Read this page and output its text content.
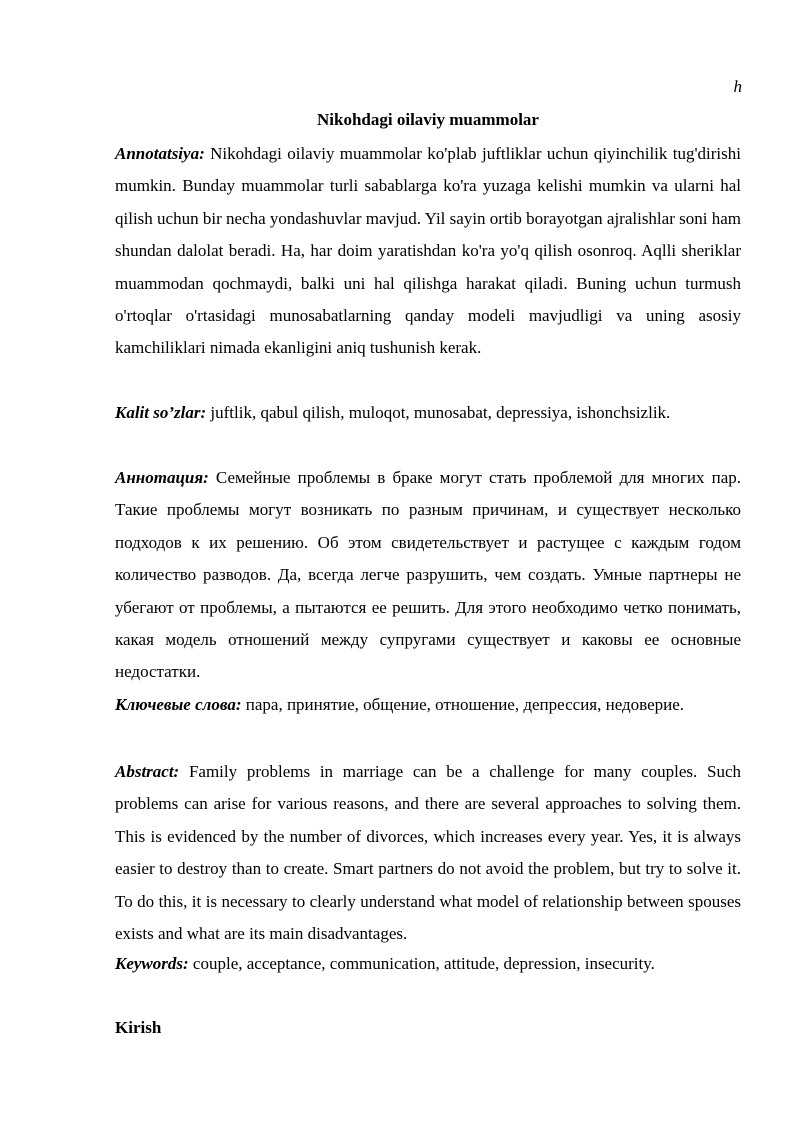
h
Nikohdagi oilaviy muammolar
Annotatsiya: Nikohdagi oilaviy muammolar ko'plab juftliklar uchun qiyinchilik tug'dirishi mumkin. Bunday muammolar turli sabablarga ko'ra yuzaga kelishi mumkin va ularni hal qilish uchun bir necha yondashuvlar mavjud. Yil sayin ortib borayotgan ajralishlar soni ham shundan dalolat beradi. Ha, har doim yaratishdan ko'ra yo'q qilish osonroq. Aqlli sheriklar muammodan qochmaydi, balki uni hal qilishga harakat qiladi. Buning uchun turmush o'rtoqlar o'rtasidagi munosabatlarning qanday modeli mavjudligi va uning asosiy kamchiliklari nimada ekanligini aniq tushunish kerak.
Kalit so’zlar: juftlik, qabul qilish, muloqot, munosabat, depressiya, ishonchsizlik.
Аннотация: Семейные проблемы в браке могут стать проблемой для многих пар. Такие проблемы могут возникать по разным причинам, и существует несколько подходов к их решению. Об этом свидетельствует и растущее с каждым годом количество разводов. Да, всегда легче разрушить, чем создать. Умные партнеры не убегают от проблемы, а пытаются ее решить. Для этого необходимо четко понимать, какая модель отношений между супругами существует и каковы ее основные недостатки.
Ключевые слова: пара, принятие, общение, отношение, депрессия, недоверие.
Abstract: Family problems in marriage can be a challenge for many couples. Such problems can arise for various reasons, and there are several approaches to solving them. This is evidenced by the number of divorces, which increases every year. Yes, it is always easier to destroy than to create. Smart partners do not avoid the problem, but try to solve it. To do this, it is necessary to clearly understand what model of relationship between spouses exists and what are its main disadvantages.
Keywords: couple, acceptance, communication, attitude, depression, insecurity.
Kirish
